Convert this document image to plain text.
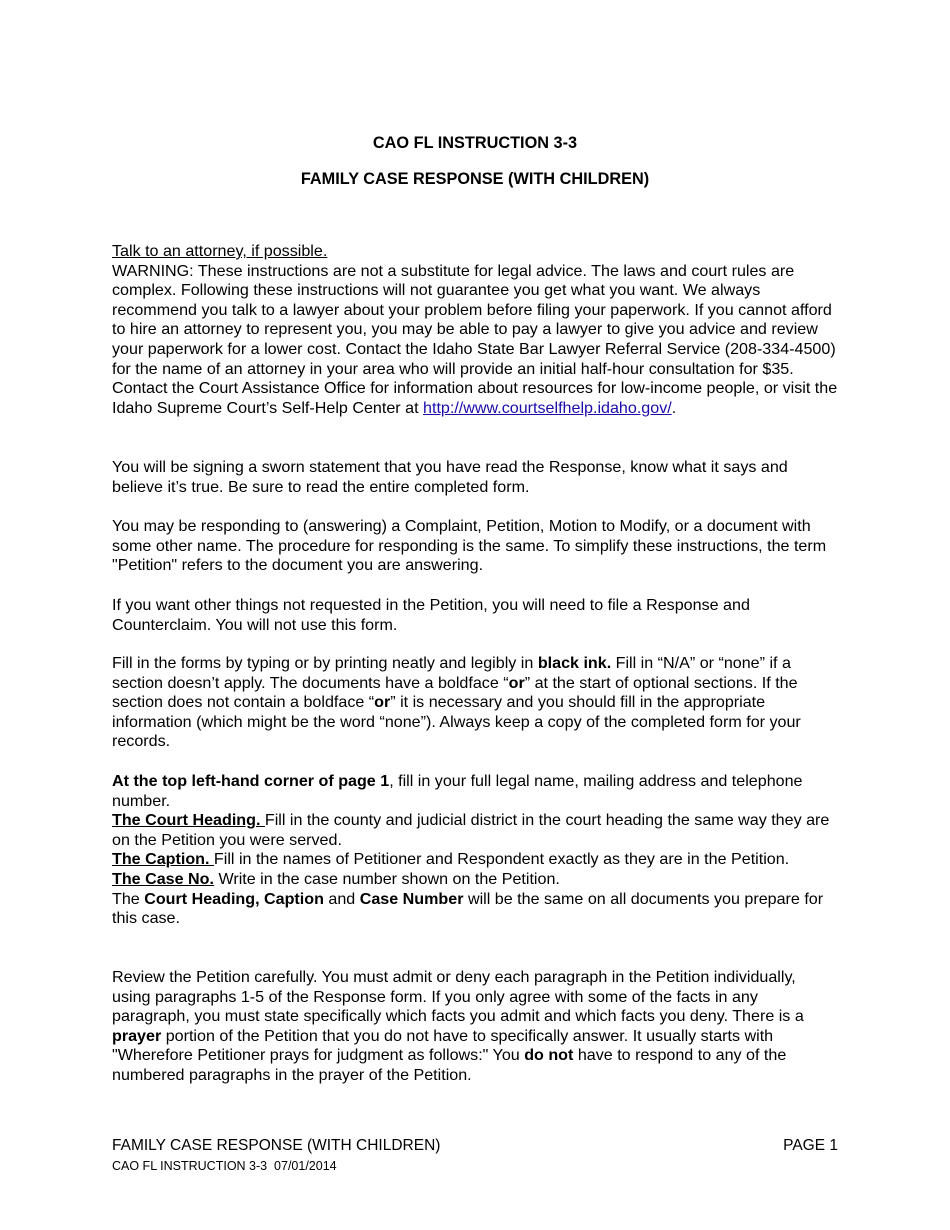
CAO FL INSTRUCTION 3-3
FAMILY CASE RESPONSE (WITH CHILDREN)

Talk to an attorney, if possible.
WARNING: These instructions are not a substitute for legal advice. The laws and court rules are complex. Following these instructions will not guarantee you get what you want. We always recommend you talk to a lawyer about your problem before filing your paperwork. If you cannot afford to hire an attorney to represent you, you may be able to pay a lawyer to give you advice and review your paperwork for a lower cost. Contact the Idaho State Bar Lawyer Referral Service (208-334-4500) for the name of an attorney in your area who will provide an initial half-hour consultation for $35. Contact the Court Assistance Office for information about resources for low-income people, or visit the Idaho Supreme Court’s Self-Help Center at http://www.courtselfhelp.idaho.gov/.

You will be signing a sworn statement that you have read the Response, know what it says and believe it’s true. Be sure to read the entire completed form.

You may be responding to (answering) a Complaint, Petition, Motion to Modify, or a document with some other name. The procedure for responding is the same. To simplify these instructions, the term "Petition" refers to the document you are answering.

If you want other things not requested in the Petition, you will need to file a Response and Counterclaim. You will not use this form.

Fill in the forms by typing or by printing neatly and legibly in black ink. Fill in “N/A” or “none” if a section doesn’t apply. The documents have a boldface “or” at the start of optional sections. If the section does not contain a boldface “or” it is necessary and you should fill in the appropriate information (which might be the word “none”). Always keep a copy of the completed form for your records.

At the top left-hand corner of page 1, fill in your full legal name, mailing address and telephone number.
The Court Heading. Fill in the county and judicial district in the court heading the same way they are on the Petition you were served.
The Caption. Fill in the names of Petitioner and Respondent exactly as they are in the Petition.
The Case No. Write in the case number shown on the Petition.
The Court Heading, Caption and Case Number will be the same on all documents you prepare for this case.

Review the Petition carefully. You must admit or deny each paragraph in the Petition individually, using paragraphs 1-5 of the Response form. If you only agree with some of the facts in any paragraph, you must state specifically which facts you admit and which facts you deny. There is a prayer portion of the Petition that you do not have to specifically answer. It usually starts with "Wherefore Petitioner prays for judgment as follows:" You do not have to respond to any of the numbered paragraphs in the prayer of the Petition.

FAMILY CASE RESPONSE (WITH CHILDREN)
CAO FL INSTRUCTION 3-3  07/01/2014
PAGE 1
